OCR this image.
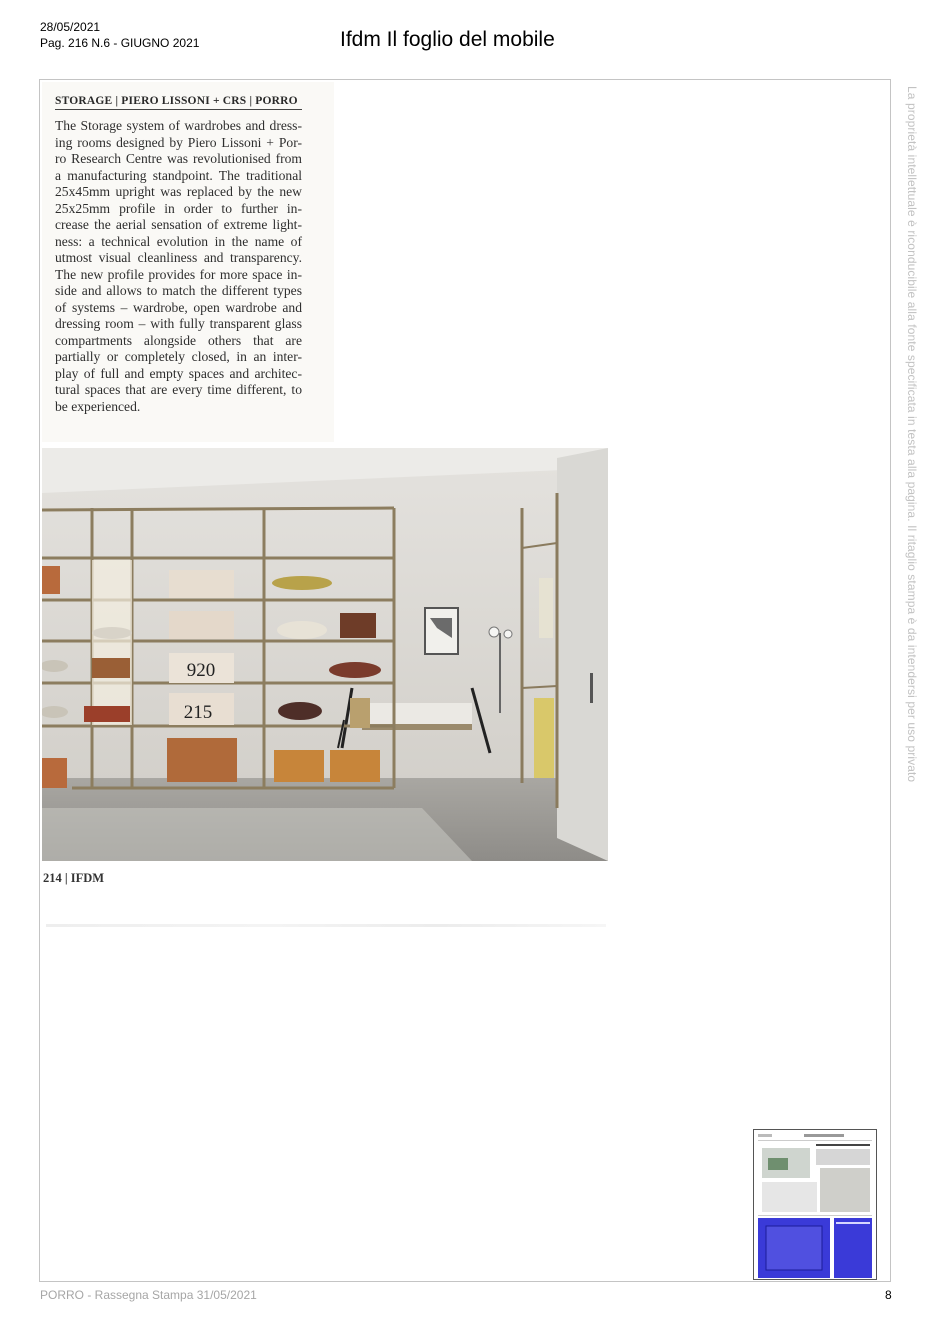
28/05/2021
Pag. 216 N.6 - GIUGNO 2021	Ifdm Il foglio del mobile
La proprietà intellettuale è riconducibile alla fonte specificata in testa alla pagina. Il ritaglio stampa è da intendersi per uso privato
STORAGE | PIERO LISSONI + CRS | PORRO
The Storage system of wardrobes and dress-
ing rooms designed by Piero Lissoni + Por-
ro Research Centre was revolutionised from
a manufacturing standpoint. The traditional
25x45mm upright was replaced by the new
25x25mm profile in order to further in-
crease the aerial sensation of extreme light-
ness: a technical evolution in the name of
utmost visual cleanliness and transparency.
The new profile provides for more space in-
side and allows to match the different types
of systems – wardrobe, open wardrobe and
dressing room – with fully transparent glass
compartments alongside others that are
partially or completely closed, in an inter-
play of full and empty spaces and architec-
tural spaces that are every time different, to
be experienced.
920
215
214 | IFDM
PORRO - Rassegna Stampa 31/05/2021	8
